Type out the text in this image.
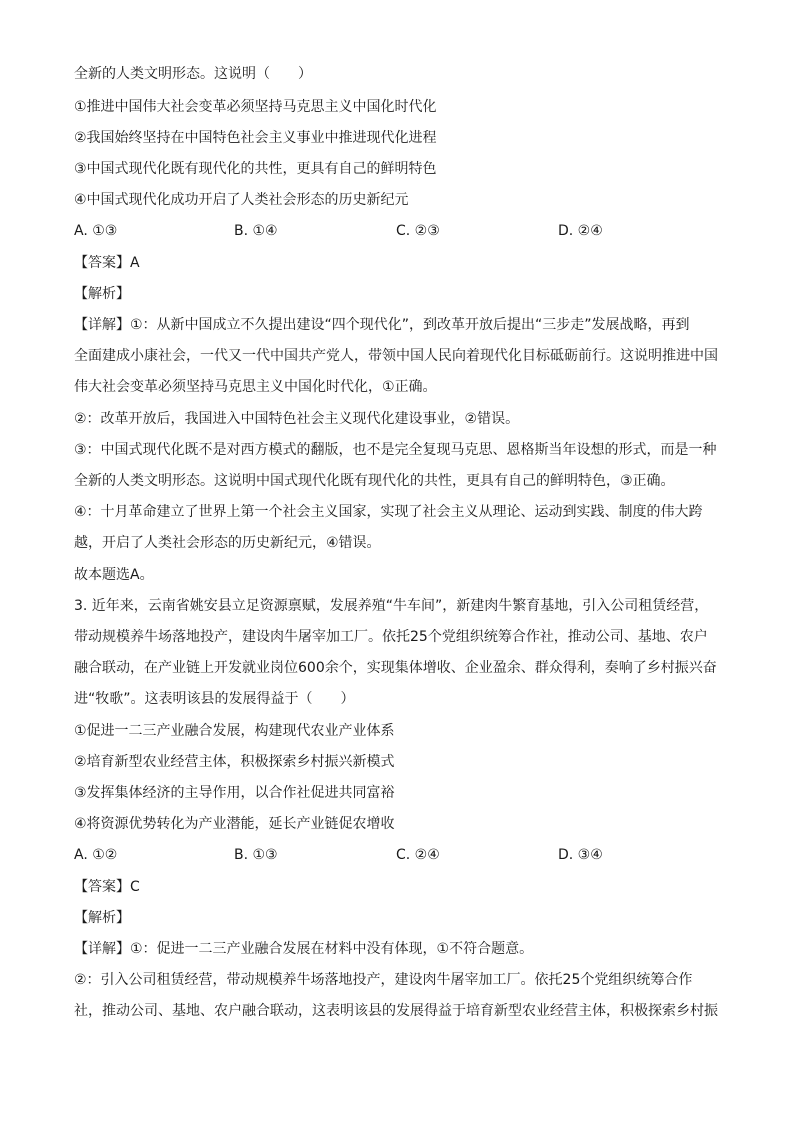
全新的人类文明形态。这说明（　　）
①推进中国伟大社会变革必须坚持马克思主义中国化时代化
②我国始终坚持在中国特色社会主义事业中推进现代化进程
③中国式现代化既有现代化的共性，更具有自己的鲜明特色
④中国式现代化成功开启了人类社会形态的历史新纪元
A. ①③	B. ①④	C. ②③	D. ②④
【答案】A
【解析】
【详解】①：从新中国成立不久提出建设“四个现代化”，到改革开放后提出“三步走”发展战略，再到
全面建成小康社会，一代又一代中国共产党人，带领中国人民向着现代化目标砥砺前行。这说明推进中国
伟大社会变革必须坚持马克思主义中国化时代化，①正确。
②：改革开放后，我国进入中国特色社会主义现代化建设事业，②错误。
③：中国式现代化既不是对西方模式的翻版，也不是完全复现马克思、恩格斯当年设想的形式，而是一种
全新的人类文明形态。这说明中国式现代化既有现代化的共性，更具有自己的鲜明特色，③正确。
④：十月革命建立了世界上第一个社会主义国家，实现了社会主义从理论、运动到实践、制度的伟大跨
越，开启了人类社会形态的历史新纪元，④错误。
故本题选A。
3. 近年来，云南省姚安县立足资源禀赋，发展养殖“牛车间”，新建肉牛繁育基地，引入公司租赁经营，
带动规模养牛场落地投产，建设肉牛屠宰加工厂。依托25个党组织统筹合作社，推动公司、基地、农户
融合联动，在产业链上开发就业岗位600余个，实现集体增收、企业盈余、群众得利，奏响了乡村振兴奋
进“牧歌”。这表明该县的发展得益于（　　）
①促进一二三产业融合发展，构建现代农业产业体系
②培育新型农业经营主体，积极探索乡村振兴新模式
③发挥集体经济的主导作用，以合作社促进共同富裕
④将资源优势转化为产业潜能，延长产业链促农增收
A. ①②	B. ①③	C. ②④	D. ③④
【答案】C
【解析】
【详解】①：促进一二三产业融合发展在材料中没有体现，①不符合题意。
②：引入公司租赁经营，带动规模养牛场落地投产，建设肉牛屠宰加工厂。依托25个党组织统筹合作
社，推动公司、基地、农户融合联动，这表明该县的发展得益于培育新型农业经营主体，积极探索乡村振
